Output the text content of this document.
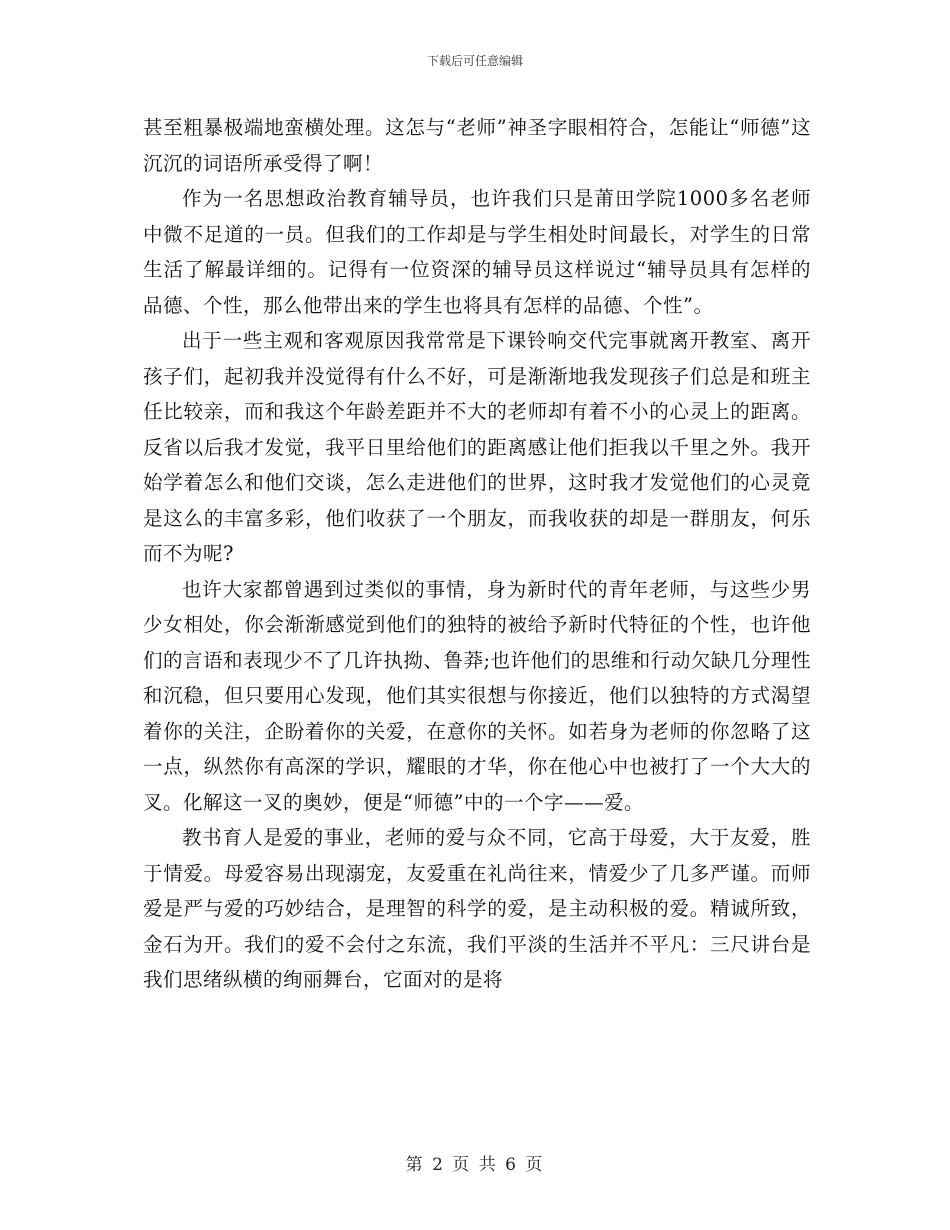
下载后可任意编辑

甚至粗暴极端地蛮横处理。这怎与“老师”神圣字眼相符合，怎能让“师德”这沉沉的词语所承受得了啊！

作为一名思想政治教育辅导员，也许我们只是莆田学院1000多名老师中微不足道的一员。但我们的工作却是与学生相处时间最长，对学生的日常生活了解最详细的。记得有一位资深的辅导员这样说过“辅导员具有怎样的品德、个性，那么他带出来的学生也将具有怎样的品德、个性”。

出于一些主观和客观原因我常常是下课铃响交代完事就离开教室、离开孩子们，起初我并没觉得有什么不好，可是渐渐地我发现孩子们总是和班主任比较亲，而和我这个年龄差距并不大的老师却有着不小的心灵上的距离。反省以后我才发觉，我平日里给他们的距离感让他们拒我以千里之外。我开始学着怎么和他们交谈，怎么走进他们的世界，这时我才发觉他们的心灵竟是这么的丰富多彩，他们收获了一个朋友，而我收获的却是一群朋友，何乐而不为呢?

也许大家都曾遇到过类似的事情，身为新时代的青年老师，与这些少男少女相处，你会渐渐感觉到他们的独特的被给予新时代特征的个性，也许他们的言语和表现少不了几许执拗、鲁莽;也许他们的思维和行动欠缺几分理性和沉稳，但只要用心发现，他们其实很想与你接近，他们以独特的方式渴望着你的关注，企盼着你的关爱，在意你的关怀。如若身为老师的你忽略了这一点，纵然你有高深的学识，耀眼的才华，你在他心中也被打了一个大大的叉。化解这一叉的奥妙，便是“师德”中的一个字——爱。

教书育人是爱的事业，老师的爱与众不同，它高于母爱，大于友爱，胜于情爱。母爱容易出现溺宠，友爱重在礼尚往来，情爱少了几多严谨。而师爱是严与爱的巧妙结合，是理智的科学的爱，是主动积极的爱。精诚所致，金石为开。我们的爱不会付之东流，我们平淡的生活并不平凡：三尺讲台是我们思绪纵横的绚丽舞台，它面对的是将

第 2 页 共 6 页
